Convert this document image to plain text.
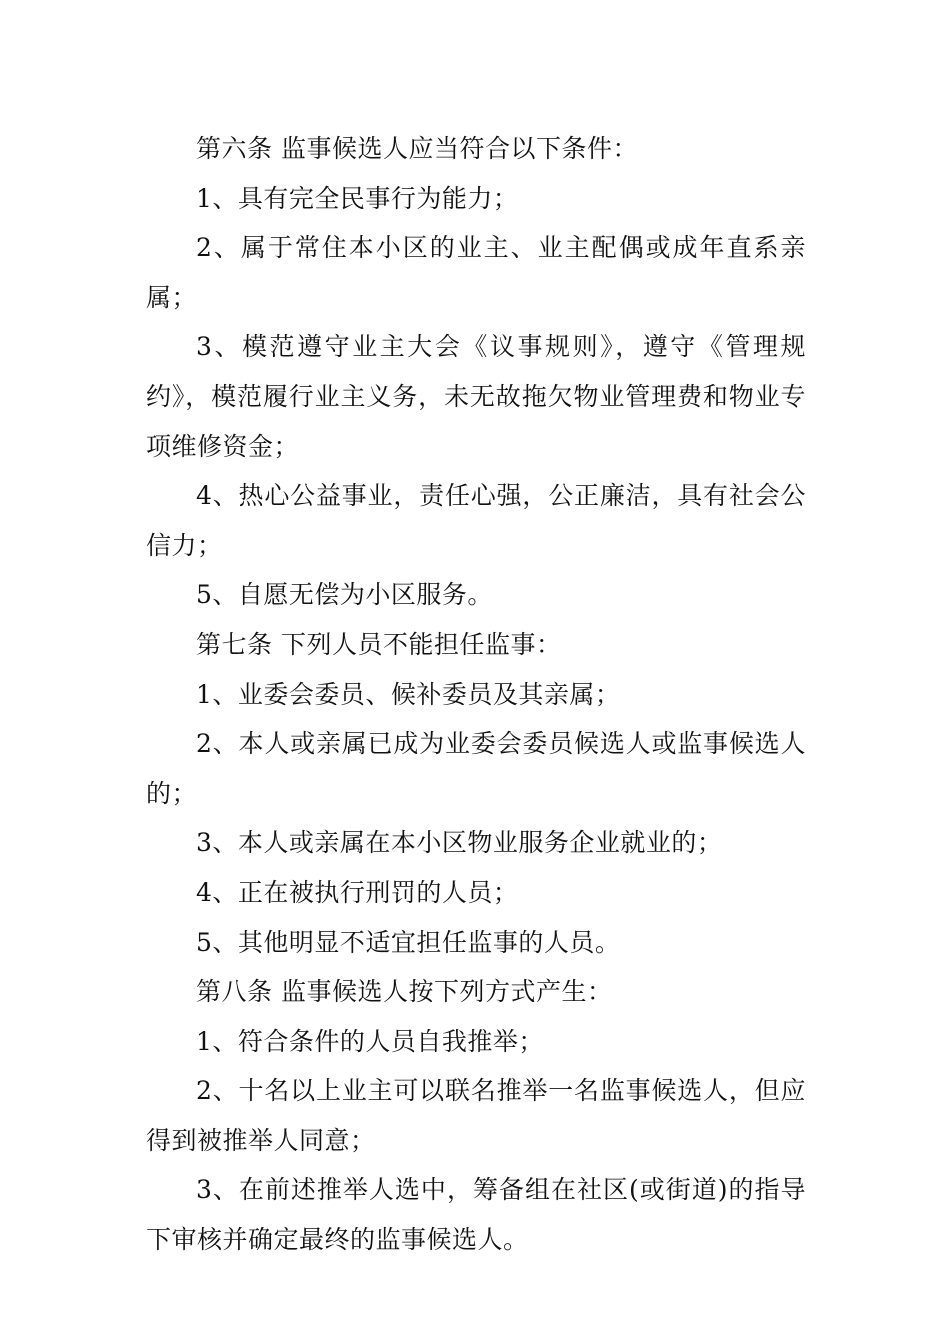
第六条 监事候选人应当符合以下条件：

1、具有完全民事行为能力；

2、属于常住本小区的业主、业主配偶或成年直系亲属；

3、模范遵守业主大会《议事规则》，遵守《管理规约》，模范履行业主义务，未无故拖欠物业管理费和物业专项维修资金；

4、热心公益事业，责任心强，公正廉洁，具有社会公信力；

5、自愿无偿为小区服务。

第七条 下列人员不能担任监事：

1、业委会委员、候补委员及其亲属；

2、本人或亲属已成为业委会委员候选人或监事候选人的；

3、本人或亲属在本小区物业服务企业就业的；

4、正在被执行刑罚的人员；

5、其他明显不适宜担任监事的人员。

第八条 监事候选人按下列方式产生：

1、符合条件的人员自我推举；

2、十名以上业主可以联名推举一名监事候选人，但应得到被推举人同意；

3、在前述推举人选中，筹备组在社区(或街道)的指导下审核并确定最终的监事候选人。
